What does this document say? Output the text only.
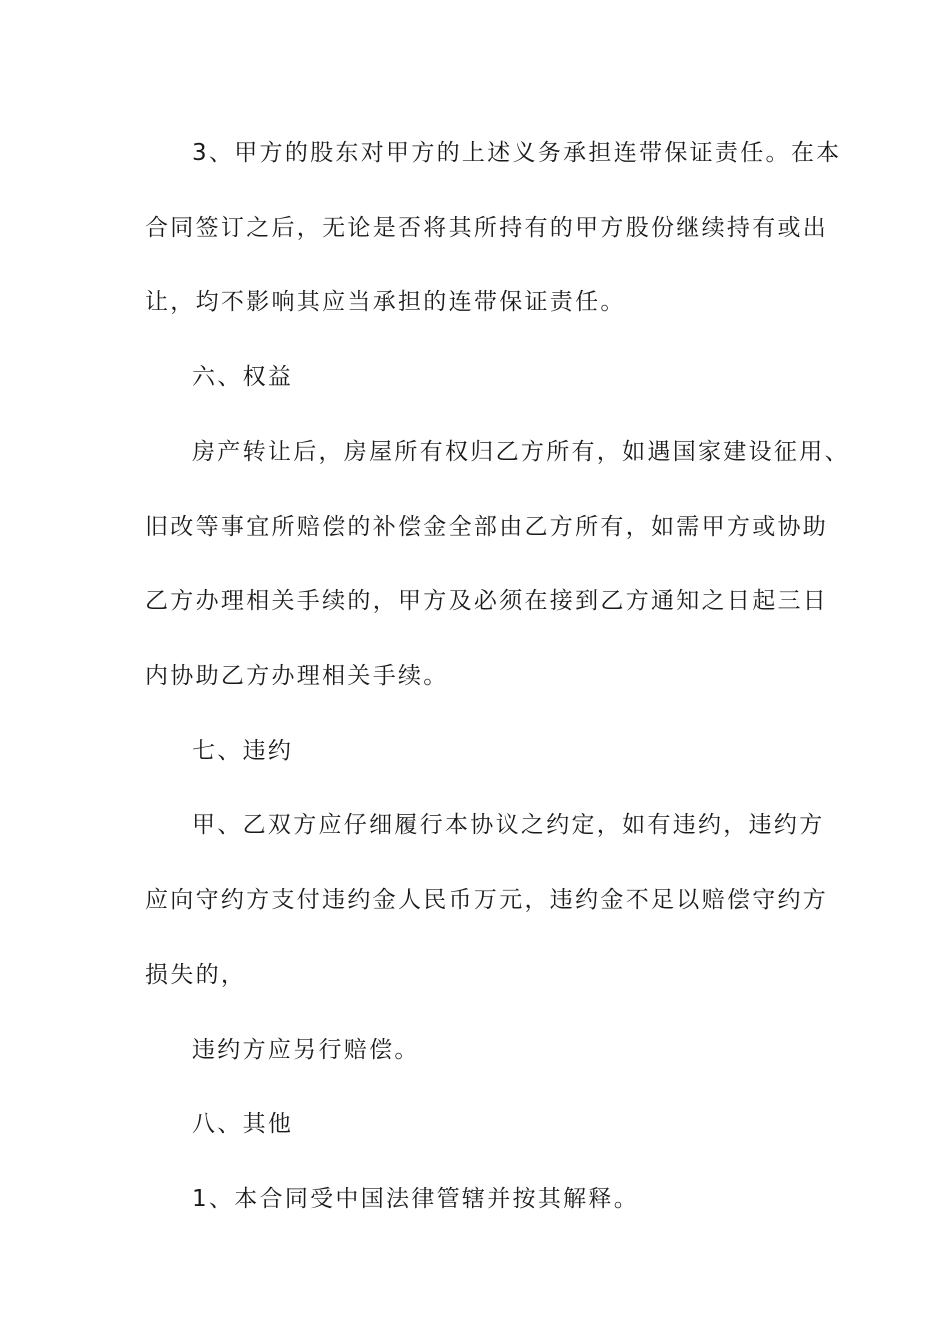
3、甲方的股东对甲方的上述义务承担连带保证责任。在本
合同签订之后，无论是否将其所持有的甲方股份继续持有或出
让，均不影响其应当承担的连带保证责任。
六、权益
房产转让后，房屋所有权归乙方所有，如遇国家建设征用、
旧改等事宜所赔偿的补偿金全部由乙方所有，如需甲方或协助
乙方办理相关手续的，甲方及必须在接到乙方通知之日起三日
内协助乙方办理相关手续。
七、违约
甲、乙双方应仔细履行本协议之约定，如有违约，违约方
应向守约方支付违约金人民币万元，违约金不足以赔偿守约方
损失的，
违约方应另行赔偿。
八、其他
1、本合同受中国法律管辖并按其解释。
